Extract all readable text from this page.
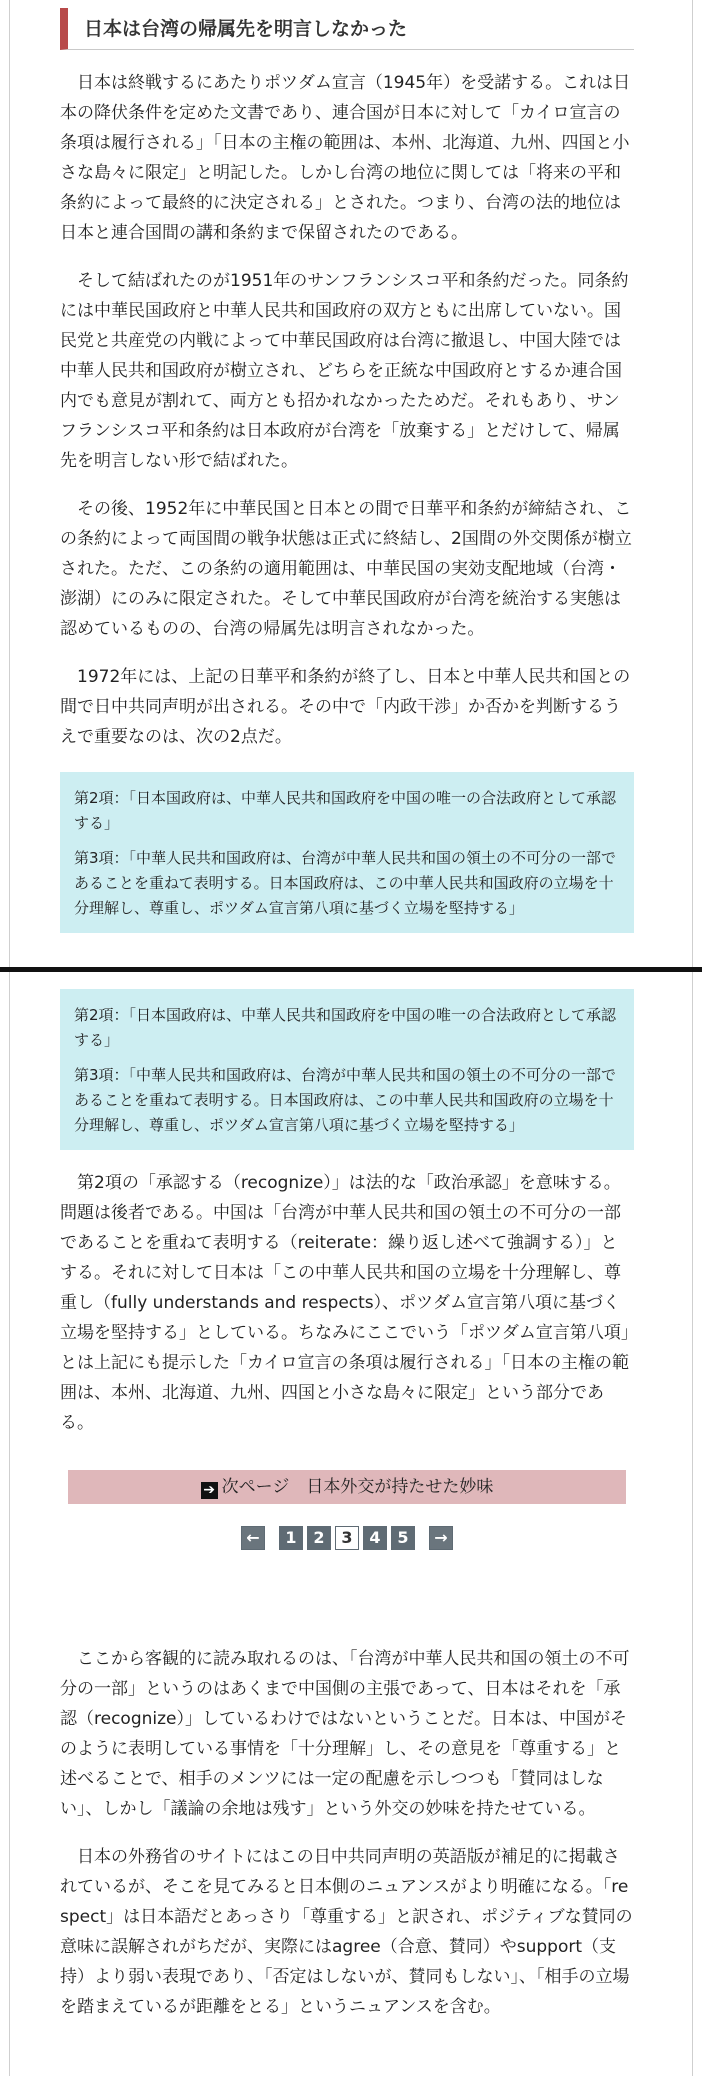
日本は台湾の帰属先を明言しなかった

日本は終戦するにあたりポツダム宣言（1945年）を受諾する。これは日本の降伏条件を定めた文書であり、連合国が日本に対して「カイロ宣言の条項は履行される」「日本の主権の範囲は、本州、北海道、九州、四国と小さな島々に限定」と明記した。しかし台湾の地位に関しては「将来の平和条約によって最終的に決定される」とされた。つまり、台湾の法的地位は日本と連合国間の講和条約まで保留されたのである。

そして結ばれたのが1951年のサンフランシスコ平和条約だった。同条約には中華民国政府と中華人民共和国政府の双方ともに出席していない。国民党と共産党の内戦によって中華民国政府は台湾に撤退し、中国大陸では中華人民共和国政府が樹立され、どちらを正統な中国政府とするか連合国内でも意見が割れて、両方とも招かれなかったためだ。それもあり、サンフランシスコ平和条約は日本政府が台湾を「放棄する」とだけして、帰属先を明言しない形で結ばれた。

その後、1952年に中華民国と日本との間で日華平和条約が締結され、この条約によって両国間の戦争状態は正式に終結し、2国間の外交関係が樹立された。ただ、この条約の適用範囲は、中華民国の実効支配地域（台湾・澎湖）にのみに限定された。そして中華民国政府が台湾を統治する実態は認めているものの、台湾の帰属先は明言されなかった。

1972年には、上記の日華平和条約が終了し、日本と中華人民共和国との間で日中共同声明が出される。その中で「内政干渉」か否かを判断するうえで重要なのは、次の2点だ。

第2項：「日本国政府は、中華人民共和国政府を中国の唯一の合法政府として承認する」

第3項：「中華人民共和国政府は、台湾が中華人民共和国の領土の不可分の一部であることを重ねて表明する。日本国政府は、この中華人民共和国政府の立場を十分理解し、尊重し、ポツダム宣言第八項に基づく立場を堅持する」

第2項：「日本国政府は、中華人民共和国政府を中国の唯一の合法政府として承認する」

第3項：「中華人民共和国政府は、台湾が中華人民共和国の領土の不可分の一部であることを重ねて表明する。日本国政府は、この中華人民共和国政府の立場を十分理解し、尊重し、ポツダム宣言第八項に基づく立場を堅持する」

第2項の「承認する（recognize）」は法的な「政治承認」を意味する。問題は後者である。中国は「台湾が中華人民共和国の領土の不可分の一部であることを重ねて表明する（reiterate：繰り返し述べて強調する）」とする。それに対して日本は「この中華人民共和国の立場を十分理解し、尊重し（fully understands and respects）、ポツダム宣言第八項に基づく立場を堅持する」としている。ちなみにここでいう「ポツダム宣言第八項」とは上記にも提示した「カイロ宣言の条項は履行される」「日本の主権の範囲は、本州、北海道、九州、四国と小さな島々に限定」という部分である。

➔ 次ページ　日本外交が持たせた妙味
← 1 2 3 4 5 →

ここから客観的に読み取れるのは、「台湾が中華人民共和国の領土の不可分の一部」というのはあくまで中国側の主張であって、日本はそれを「承認（recognize）」しているわけではないということだ。日本は、中国がそのように表明している事情を「十分理解」し、その意見を「尊重する」と述べることで、相手のメンツには一定の配慮を示しつつも「賛同はしない」、しかし「議論の余地は残す」という外交の妙味を持たせている。

日本の外務省のサイトにはこの日中共同声明の英語版が補足的に掲載されているが、そこを見てみると日本側のニュアンスがより明確になる。「respect」は日本語だとあっさり「尊重する」と訳され、ポジティブな賛同の意味に誤解されがちだが、実際にはagree（合意、賛同）やsupport（支持）より弱い表現であり、「否定はしないが、賛同もしない」、「相手の立場を踏まえているが距離をとる」というニュアンスを含む。
